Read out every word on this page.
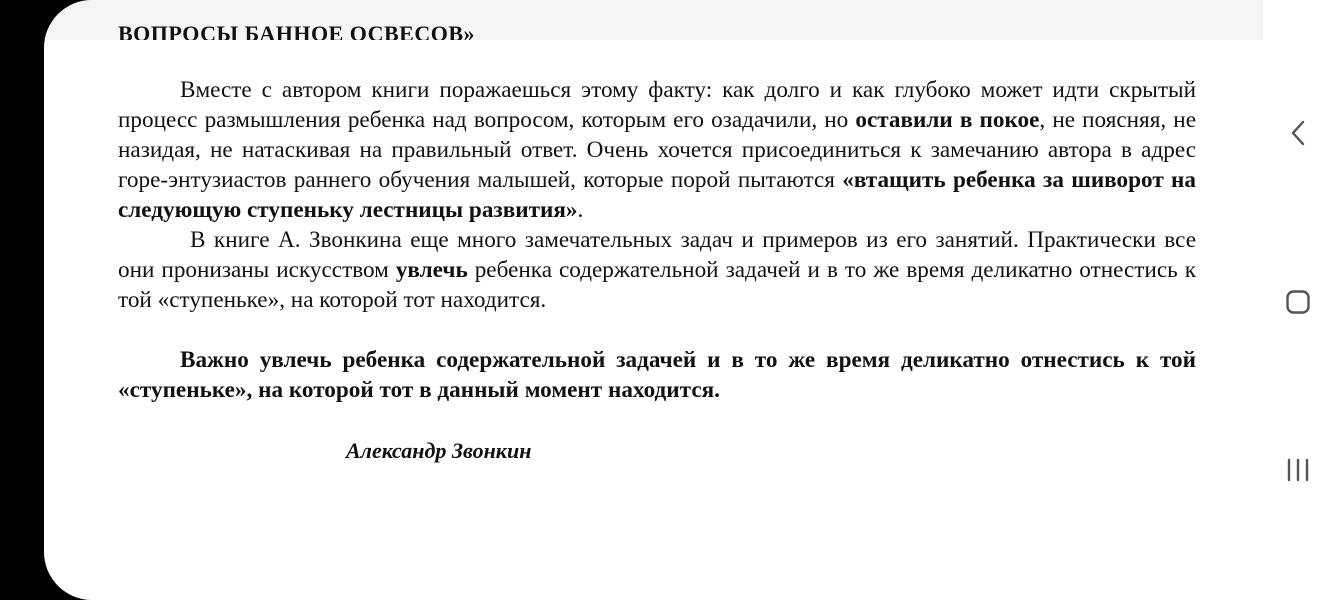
ВОПРОСЫ БАННОЕ ОСВЕСОВ»

Вместе с автором книги поражаешься этому факту: как долго и как глубоко может идти скрытый процесс размышления ребенка над вопросом, которым его озадачили, но оставили в покое, не поясняя, не назидая, не натаскивая на правильный ответ. Очень хочется присоединиться к замечанию автора в адрес горе-энтузиастов раннего обучения малышей, которые порой пытаются «втащить ребенка за шиворот на следующую ступеньку лестницы развития».

В книге А. Звонкина еще много замечательных задач и примеров из его занятий. Практически все они пронизаны искусством увлечь ребенка содержательной задачей и в то же время деликатно отнестись к той «ступеньке», на которой тот находится.

Важно увлечь ребенка содержательной задачей и в то же время деликатно отнестись к той «ступеньке», на которой тот в данный момент находится.

Александр Звонкин
